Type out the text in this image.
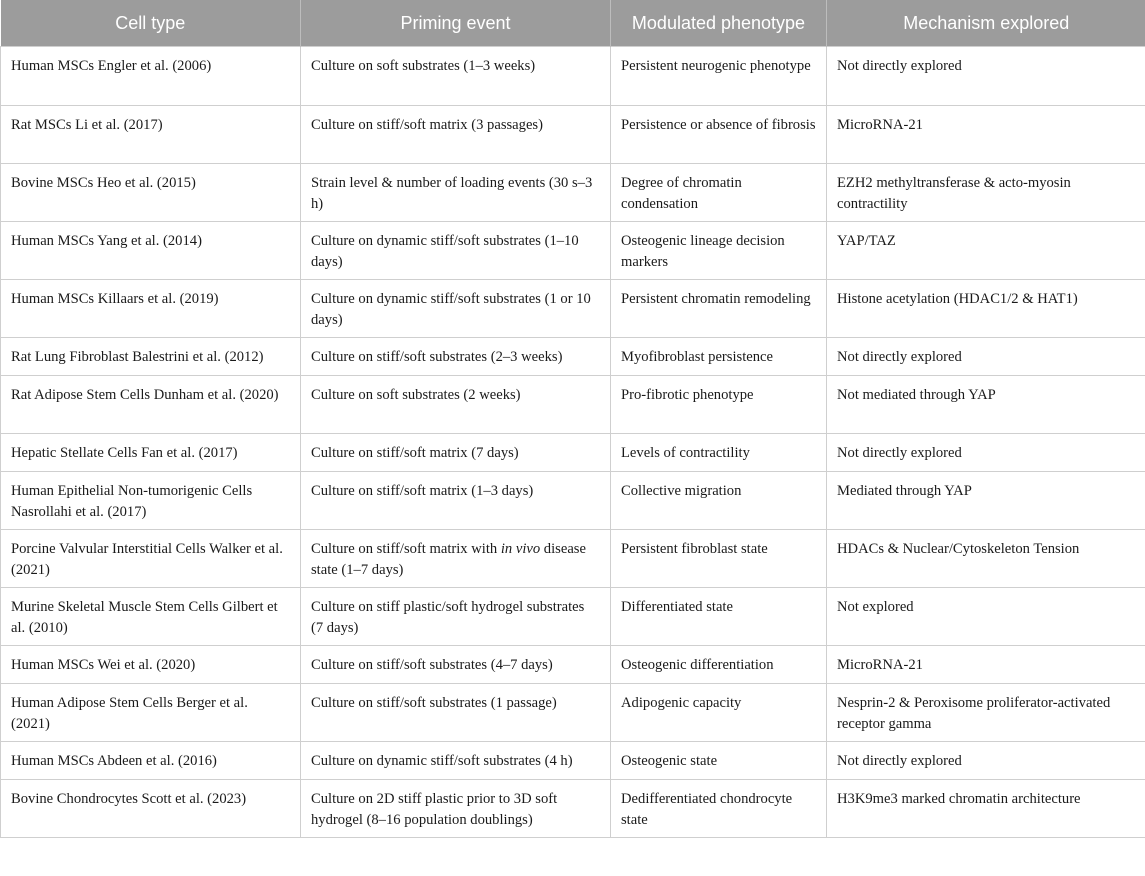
Cell type	Priming event	Modulated phenotype	Mechanism explored
Human MSCs Engler et al. (2006)	Culture on soft substrates (1–3 weeks)	Persistent neurogenic phenotype	Not directly explored
Rat MSCs Li et al. (2017)	Culture on stiff/soft matrix (3 passages)	Persistence or absence of fibrosis	MicroRNA-21
Bovine MSCs Heo et al. (2015)	Strain level & number of loading events (30 s–3 h)	Degree of chromatin condensation	EZH2 methyltransferase & acto-myosin contractility
Human MSCs Yang et al. (2014)	Culture on dynamic stiff/soft substrates (1–10 days)	Osteogenic lineage decision markers	YAP/TAZ
Human MSCs Killaars et al. (2019)	Culture on dynamic stiff/soft substrates (1 or 10 days)	Persistent chromatin remodeling	Histone acetylation (HDAC1/2 & HAT1)
Rat Lung Fibroblast Balestrini et al. (2012)	Culture on stiff/soft substrates (2–3 weeks)	Myofibroblast persistence	Not directly explored
Rat Adipose Stem Cells Dunham et al. (2020)	Culture on soft substrates (2 weeks)	Pro-fibrotic phenotype	Not mediated through YAP
Hepatic Stellate Cells Fan et al. (2017)	Culture on stiff/soft matrix (7 days)	Levels of contractility	Not directly explored
Human Epithelial Non-tumorigenic Cells Nasrollahi et al. (2017)	Culture on stiff/soft matrix (1–3 days)	Collective migration	Mediated through YAP
Porcine Valvular Interstitial Cells Walker et al. (2021)	Culture on stiff/soft matrix with in vivo disease state (1–7 days)	Persistent fibroblast state	HDACs & Nuclear/Cytoskeleton Tension
Murine Skeletal Muscle Stem Cells Gilbert et al. (2010)	Culture on stiff plastic/soft hydrogel substrates (7 days)	Differentiated state	Not explored
Human MSCs Wei et al. (2020)	Culture on stiff/soft substrates (4–7 days)	Osteogenic differentiation	MicroRNA-21
Human Adipose Stem Cells Berger et al. (2021)	Culture on stiff/soft substrates (1 passage)	Adipogenic capacity	Nesprin-2 & Peroxisome proliferator-activated receptor gamma
Human MSCs Abdeen et al. (2016)	Culture on dynamic stiff/soft substrates (4 h)	Osteogenic state	Not directly explored
Bovine Chondrocytes Scott et al. (2023)	Culture on 2D stiff plastic prior to 3D soft hydrogel (8–16 population doublings)	Dedifferentiated chondrocyte state	H3K9me3 marked chromatin architecture
